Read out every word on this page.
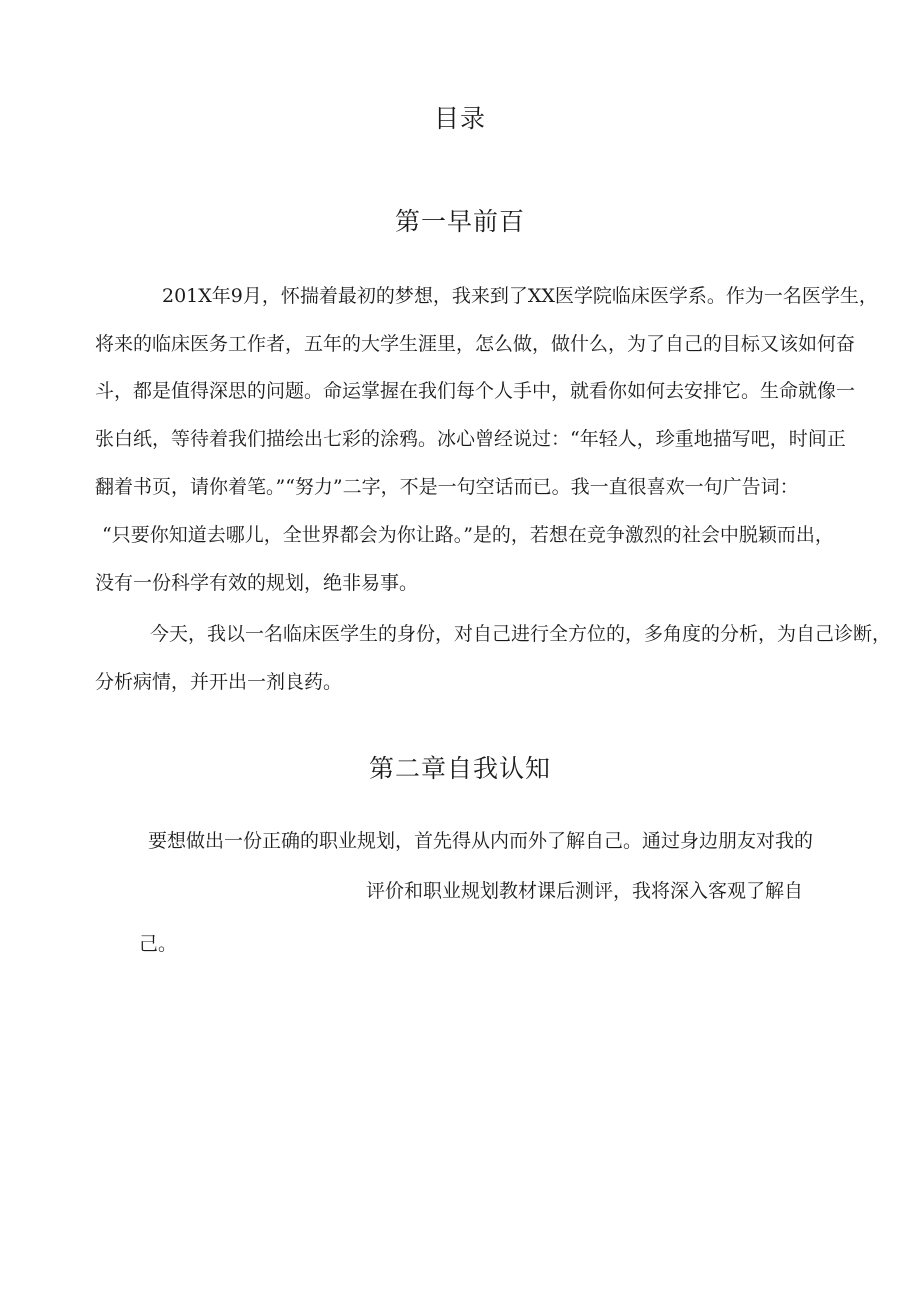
目录
第一早前百
201X年9月，怀揣着最初的梦想，我来到了XX医学院临床医学系。作为一名医学生，
将来的临床医务工作者，五年的大学生涯里，怎么做，做什么，为了自己的目标又该如何奋
斗，都是值得深思的问题。命运掌握在我们每个人手中，就看你如何去安排它。生命就像一
张白纸，等待着我们描绘出七彩的涂鸦。冰心曾经说过：“年轻人，珍重地描写吧，时间正
翻着书页，请你着笔。”“努力”二字，不是一句空话而已。我一直很喜欢一句广告词：
“只要你知道去哪儿，全世界都会为你让路。”是的，若想在竞争激烈的社会中脱颖而出，
没有一份科学有效的规划，绝非易事。
今天，我以一名临床医学生的身份，对自己进行全方位的，多角度的分析，为自己诊断，
分析病情，并开出一剂良药。
第二章自我认知
要想做出一份正确的职业规划，首先得从内而外了解自己。通过身边朋友对我的
评价和职业规划教材课后测评，我将深入客观了解自
己。
